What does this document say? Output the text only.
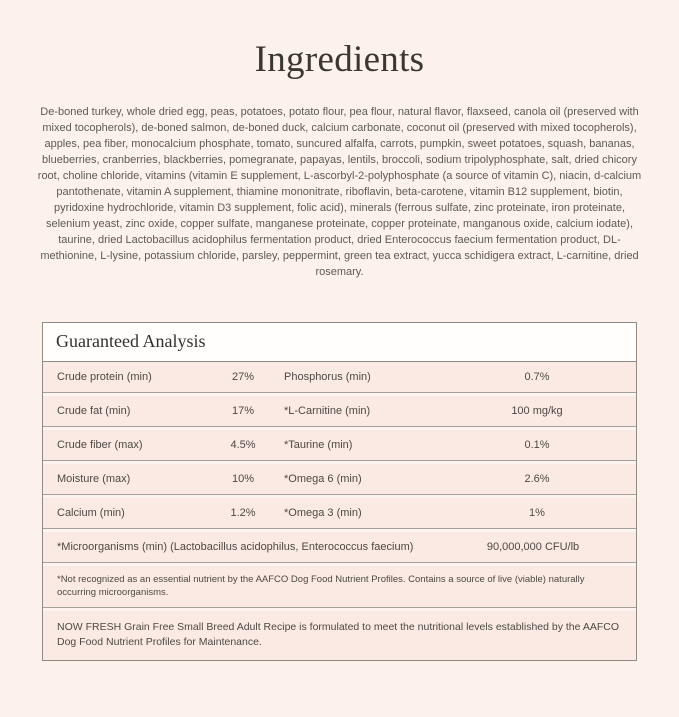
Ingredients

De-boned turkey, whole dried egg, peas, potatoes, potato flour, pea flour, natural flavor, flaxseed, canola oil (preserved with mixed tocopherols), de-boned salmon, de-boned duck, calcium carbonate, coconut oil (preserved with mixed tocopherols), apples, pea fiber, monocalcium phosphate, tomato, suncured alfalfa, carrots, pumpkin, sweet potatoes, squash, bananas, blueberries, cranberries, blackberries, pomegranate, papayas, lentils, broccoli, sodium tripolyphosphate, salt, dried chicory root, choline chloride, vitamins (vitamin E supplement, L-ascorbyl-2-polyphosphate (a source of vitamin C), niacin, d-calcium pantothenate, vitamin A supplement, thiamine mononitrate, riboflavin, beta-carotene, vitamin B12 supplement, biotin, pyridoxine hydrochloride, vitamin D3 supplement, folic acid), minerals (ferrous sulfate, zinc proteinate, iron proteinate, selenium yeast, zinc oxide, copper sulfate, manganese proteinate, copper proteinate, manganous oxide, calcium iodate), taurine, dried Lactobacillus acidophilus fermentation product, dried Enterococcus faecium fermentation product, DL-methionine, L-lysine, potassium chloride, parsley, peppermint, green tea extract, yucca schidigera extract, L-carnitine, dried rosemary.

Guaranteed Analysis
Crude protein (min)	27%	Phosphorus (min)	0.7%
Crude fat (min)	17%	*L-Carnitine (min)	100 mg/kg
Crude fiber (max)	4.5%	*Taurine (min)	0.1%
Moisture (max)	10%	*Omega 6 (min)	2.6%
Calcium (min)	1.2%	*Omega 3 (min)	1%
*Microorganisms (min) (Lactobacillus acidophilus, Enterococcus faecium)	90,000,000 CFU/lb
*Not recognized as an essential nutrient by the AAFCO Dog Food Nutrient Profiles. Contains a source of live (viable) naturally occurring microorganisms.
NOW FRESH Grain Free Small Breed Adult Recipe is formulated to meet the nutritional levels established by the AAFCO Dog Food Nutrient Profiles for Maintenance.
